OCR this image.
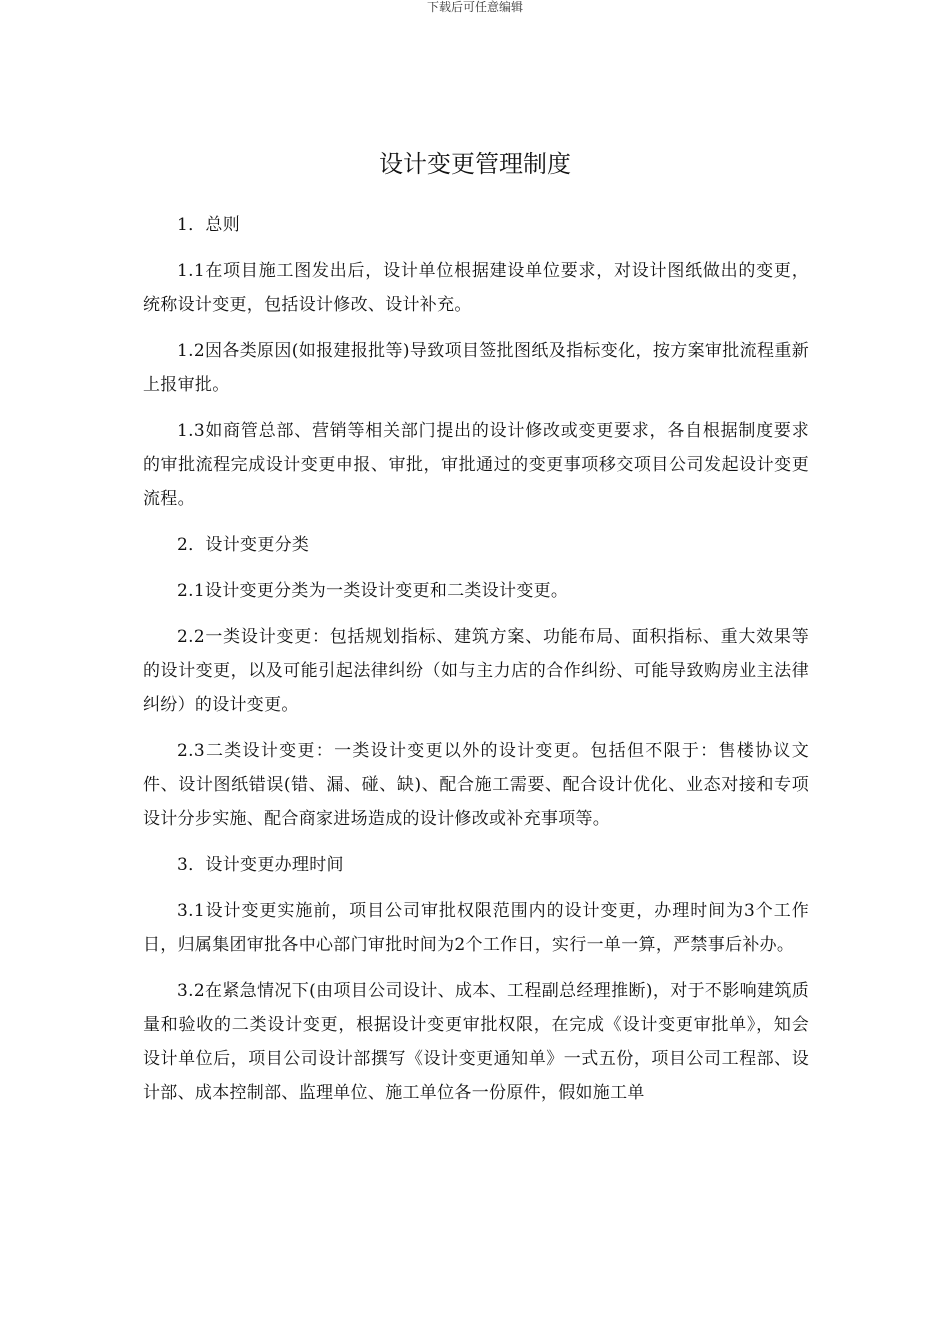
下载后可任意编辑
设计变更管理制度

1．总则

1.1在项目施工图发出后，设计单位根据建设单位要求，对设计图纸做出的变更，统称设计变更，包括设计修改、设计补充。

1.2因各类原因(如报建报批等)导致项目签批图纸及指标变化，按方案审批流程重新上报审批。

1.3如商管总部、营销等相关部门提出的设计修改或变更要求，各自根据制度要求的审批流程完成设计变更申报、审批，审批通过的变更事项移交项目公司发起设计变更流程。

2．设计变更分类

2.1设计变更分类为一类设计变更和二类设计变更。

2.2一类设计变更：包括规划指标、建筑方案、功能布局、面积指标、重大效果等的设计变更，以及可能引起法律纠纷（如与主力店的合作纠纷、可能导致购房业主法律纠纷）的设计变更。

2.3二类设计变更：一类设计变更以外的设计变更。包括但不限于：售楼协议文件、设计图纸错误(错、漏、碰、缺)、配合施工需要、配合设计优化、业态对接和专项设计分步实施、配合商家进场造成的设计修改或补充事项等。

3．设计变更办理时间

3.1设计变更实施前，项目公司审批权限范围内的设计变更，办理时间为3个工作日，归属集团审批各中心部门审批时间为2个工作日，实行一单一算，严禁事后补办。

3.2在紧急情况下(由项目公司设计、成本、工程副总经理推断)，对于不影响建筑质量和验收的二类设计变更，根据设计变更审批权限，在完成《设计变更审批单》，知会设计单位后，项目公司设计部撰写《设计变更通知单》一式五份，项目公司工程部、设计部、成本控制部、监理单位、施工单位各一份原件，假如施工单
